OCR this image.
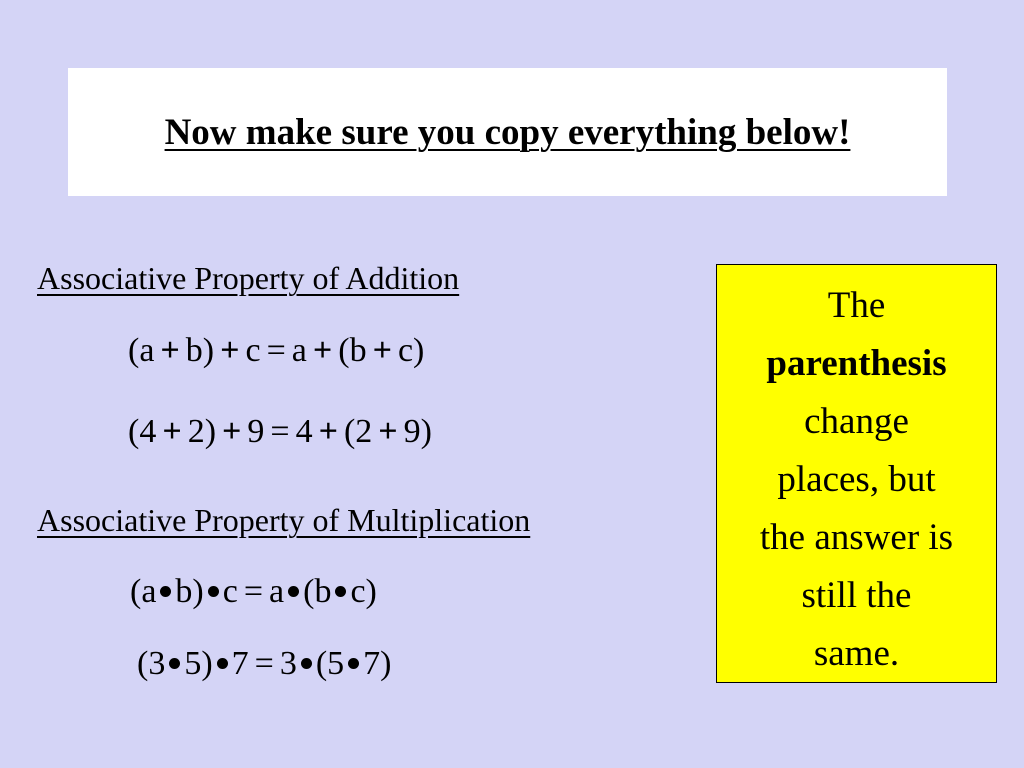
Now make sure you copy everything below!
Associative Property of Addition
(a + b) + c = a + (b + c)
(4 + 2) + 9 = 4 + (2 + 9)
Associative Property of Multiplication
(a b) c = a (b c)
(3 5) 7 = 3 (5 7)
The
parenthesis
change
places, but
the answer is
still the
same.
